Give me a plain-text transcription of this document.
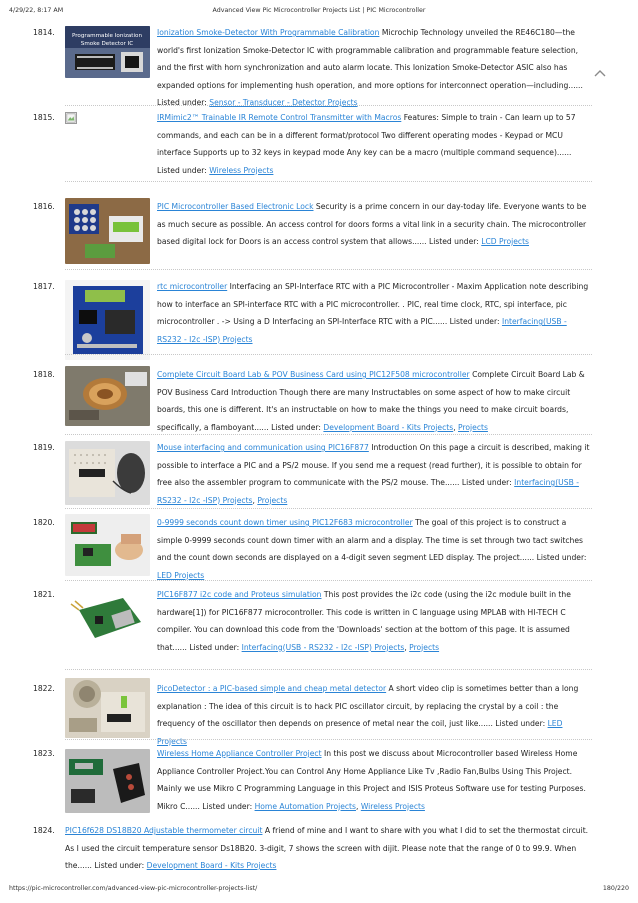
4/29/22, 8:17 AM	Advanced View Pic Microcontroller Projects List | PIC Microcontroller
1814.	Programmable Ionization
Smoke Detector IC
Ionization Smoke-Detector With Programmable Calibration Microchip Technology unveiled the RE46C180—the world's first Ionization Smoke-Detector IC with programmable calibration and programmable feature selection, and the first with horn synchronization and auto alarm locate. This Ionization Smoke-Detector ASIC also has expanded options for implementing hush operation, and more options for interconnect operation—including...... Listed under: Sensor - Transducer - Detector Projects
1815.	IRMimic2™ Trainable IR Remote Control Transmitter with Macros Features: Simple to train - Can learn up to 57 commands, and each can be in a different format/protocol Two different operating modes - Keypad or MCU interface Supports up to 32 keys in keypad mode Any key can be a macro (multiple command sequence)...... Listed under: Wireless Projects
1816.	PIC Microcontroller Based Electronic Lock Security is a prime concern in our day-today life. Everyone wants to be as much secure as possible. An access control for doors forms a vital link in a security chain. The microcontroller based digital lock for Doors is an access control system that allows...... Listed under: LCD Projects
1817.	rtc microcontroller Interfacing an SPI-Interface RTC with a PIC Microcontroller - Maxim Application note describing how to interface an SPI-interface RTC with a PIC microcontroller. . PIC, real time clock, RTC, spi interface, pic microcontroller . -> Using a D Interfacing an SPI-Interface RTC with a PIC...... Listed under: Interfacing(USB - RS232 - I2c -ISP) Projects
1818.	Complete Circuit Board Lab & POV Business Card using PIC12F508 microcontroller Complete Circuit Board Lab & POV Business Card Introduction Though there are many Instructables on some aspect of how to make circuit boards, this one is different. It's an instructable on how to make the things you need to make circuit boards, specifically, a flamboyant...... Listed under: Development Board - Kits Projects, Projects
1819.	Mouse interfacing and communication using PIC16F877 Introduction On this page a circuit is described, making it possible to interface a PIC and a PS/2 mouse. If you send me a request (read further), it is possible to obtain for free also the assembler program to communicate with the PS/2 mouse. The...... Listed under: Interfacing(USB - RS232 - I2c -ISP) Projects, Projects
1820.	0-9999 seconds count down timer using PIC12F683 microcontroller The goal of this project is to construct a simple 0-9999 seconds count down timer with an alarm and a display. The time is set through two tact switches and the count down seconds are displayed on a 4-digit seven segment LED display. The project...... Listed under: LED Projects
1821.	PIC16F877 i2c code and Proteus simulation This post provides the i2c code (using the i2c module built in the hardware[1]) for PIC16F877 microcontroller. This code is written in C language using MPLAB with HI-TECH C compiler. You can download this code from the 'Downloads' section at the bottom of this page. It is assumed that...... Listed under: Interfacing(USB - RS232 - I2c -ISP) Projects, Projects
1822.	PicoDetector : a PIC-based simple and cheap metal detector A short video clip is sometimes better than a long explanation : The idea of this circuit is to hack PIC oscillator circuit, by replacing the crystal by a coil : the frequency of the oscillator then depends on presence of metal near the coil, just like...... Listed under: LED Projects
1823.	Wireless Home Appliance Controller Project In this post we discuss about Microcontroller based Wireless Home Appliance Controller Project.You can Control Any Home Appliance Like Tv ,Radio Fan,Bulbs Using This Project. Mainly we use Mikro C Programming Language in this Project and ISIS Proteus Software use for testing Purposes. Mikro C...... Listed under: Home Automation Projects, Wireless Projects
1824.	PIC16f628 DS18B20 Adjustable thermometer circuit A friend of mine and I want to share with you what I did to set the thermostat circuit. As I used the circuit temperature sensor Ds18B20. 3-digit, 7 shows the screen with dijit. Please note that the range of 0 to 99.9. When the...... Listed under: Development Board - Kits Projects
https://pic-microcontroller.com/advanced-view-pic-microcontroller-projects-list/	180/220
